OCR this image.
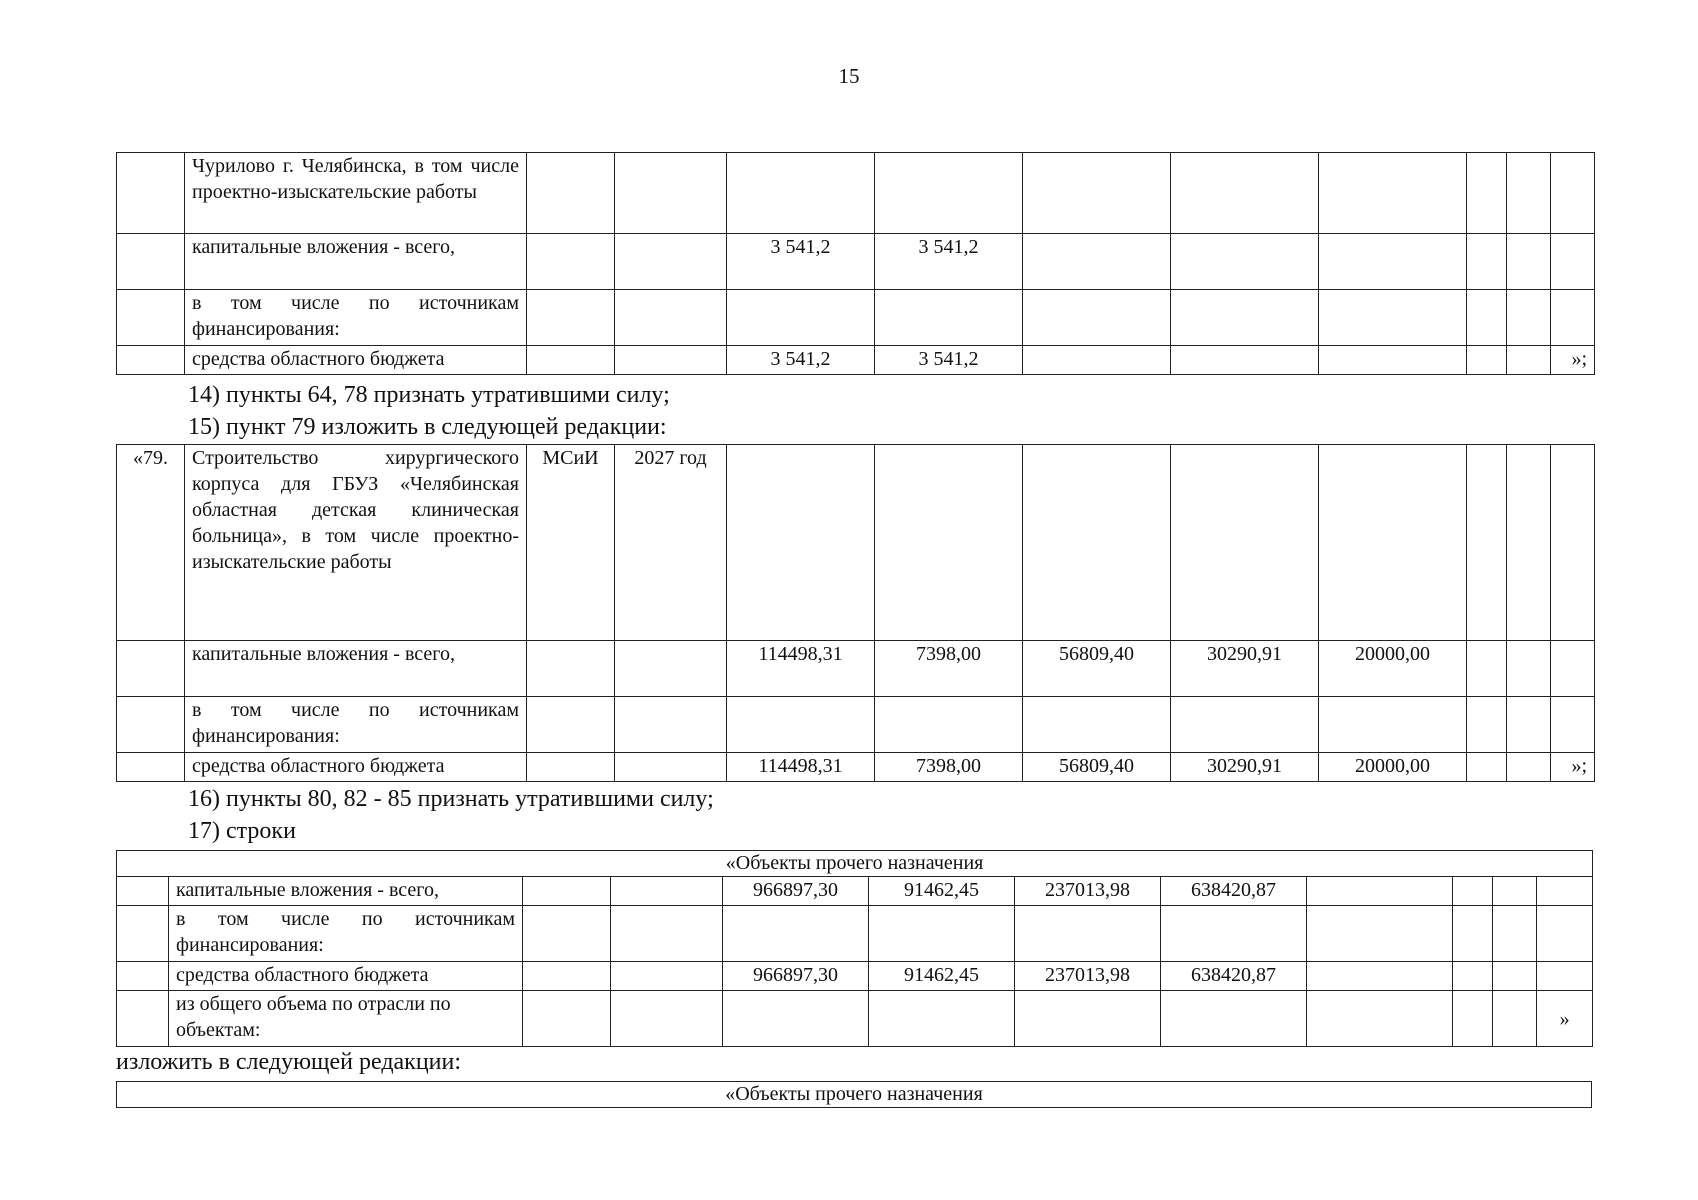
15
	Чурилово г. Челябинска, в том числе проектно-изыскательские работы										
	капитальные вложения - всего,			3 541,2	3 541,2						
	в том числе по источникам финансирования:										
	средства областного бюджета			3 541,2	3 541,2						»;
14) пункты 64, 78 признать утратившими силу;
15) пункт 79 изложить в следующей редакции:
«79.	Строительство хирургического корпуса для ГБУЗ «Челябинская областная детская клиническая больница», в том числе проектно-изыскательские работы	МСиИ	2027 год								
	капитальные вложения - всего,			114498,31	7398,00	56809,40	30290,91	20000,00			
	в том числе по источникам финансирования:										
	средства областного бюджета			114498,31	7398,00	56809,40	30290,91	20000,00			»;
16) пункты 80, 82 - 85 признать утратившими силу;
17) строки
«Объекты прочего назначения											
	капитальные вложения - всего,			966897,30	91462,45	237013,98	638420,87				
	в том числе по источникам финансирования:										
	средства областного бюджета			966897,30	91462,45	237013,98	638420,87				
	из общего объема по отрасли по объектам:										»
изложить в следующей редакции:
«Объекты прочего назначения
